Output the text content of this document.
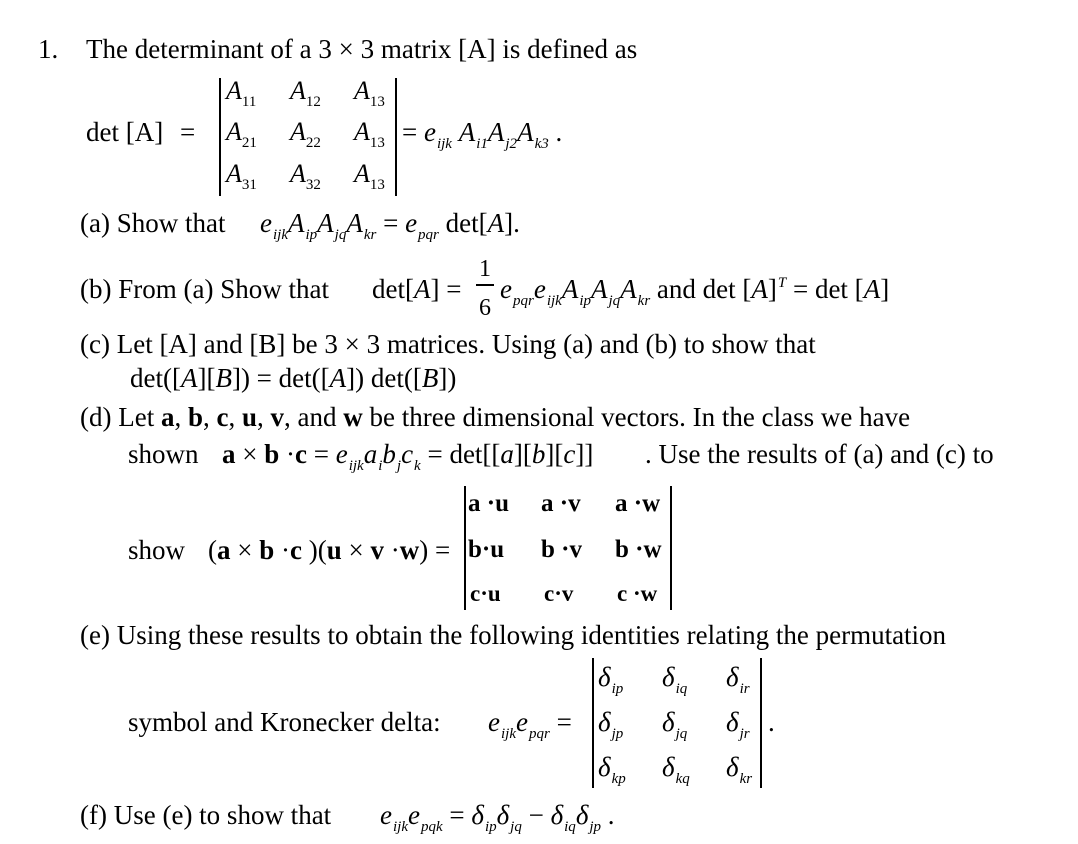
1. The determinant of a 3 × 3 matrix [A] is defined as
det [A] =
$A_{11}$ $A_{12}$ $A_{13}$
$A_{21}$ $A_{22}$ $A_{13}$
$A_{31}$ $A_{32}$ $A_{13}$
= $e_{ijk}$ $A_{i1}A_{j2}A_{k3}$ .
(a) Show that $e_{ijk}A_{ip}A_{jq}A_{kr} = e_{pqr}$ det[A].
(b) From (a) Show that det[A] =
1
6
$e_{pqr}e_{ijk}A_{ip}A_{jq}A_{kr}$ and $\det [A]^T = \det [A]$
(c) Let [A] and [B] be 3 × 3 matrices. Using (a) and (b) to show that
det([A][B]) = det([A]) det([B])
(d) Let a, b, c, u, v, and w be three dimensional vectors. In the class we have
shown $a \times b \cdot c = e_{ijk}a_ib_jc_k = \det[[a][b][c]]$ . Use the results of (a) and (c) to
show (a × b ·c )(u × v ·w) =
a ·u a ·v a ·w
b·u b ·v b ·w
c·u c·v c ·w
(e) Using these results to obtain the following identities relating the permutation
symbol and Kronecker delta: $e_{ijk}e_{pqr}$ =
$\delta_{ip}$ $\delta_{iq}$ $\delta_{ir}$
$\delta_{jp}$ $\delta_{jq}$ $\delta_{jr}$
$\delta_{kp}$ $\delta_{kq}$ $\delta_{kr}$
.
(f) Use (e) to show that $e_{ijk}e_{pqk} = \delta_{ip}\delta_{jq} - \delta_{iq}\delta_{jp}$ .
